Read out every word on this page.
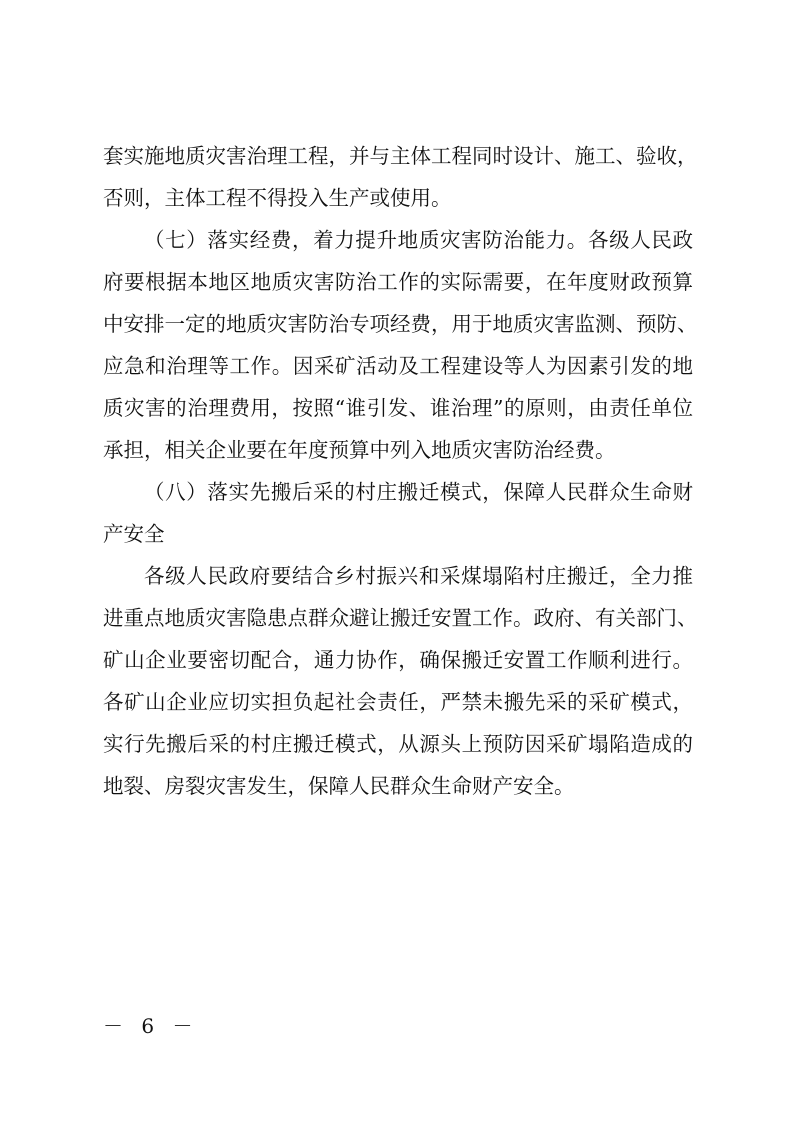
套实施地质灾害治理工程，并与主体工程同时设计、施工、验收，
否则，主体工程不得投入生产或使用。
（七）落实经费，着力提升地质灾害防治能力。各级人民政
府要根据本地区地质灾害防治工作的实际需要，在年度财政预算
中安排一定的地质灾害防治专项经费，用于地质灾害监测、预防、
应急和治理等工作。因采矿活动及工程建设等人为因素引发的地
质灾害的治理费用，按照“谁引发、谁治理”的原则，由责任单位
承担，相关企业要在年度预算中列入地质灾害防治经费。
（八）落实先搬后采的村庄搬迁模式，保障人民群众生命财
产安全
各级人民政府要结合乡村振兴和采煤塌陷村庄搬迁，全力推
进重点地质灾害隐患点群众避让搬迁安置工作。政府、有关部门、
矿山企业要密切配合，通力协作，确保搬迁安置工作顺利进行。
各矿山企业应切实担负起社会责任，严禁未搬先采的采矿模式，
实行先搬后采的村庄搬迁模式，从源头上预防因采矿塌陷造成的
地裂、房裂灾害发生，保障人民群众生命财产安全。
－ 6 －
